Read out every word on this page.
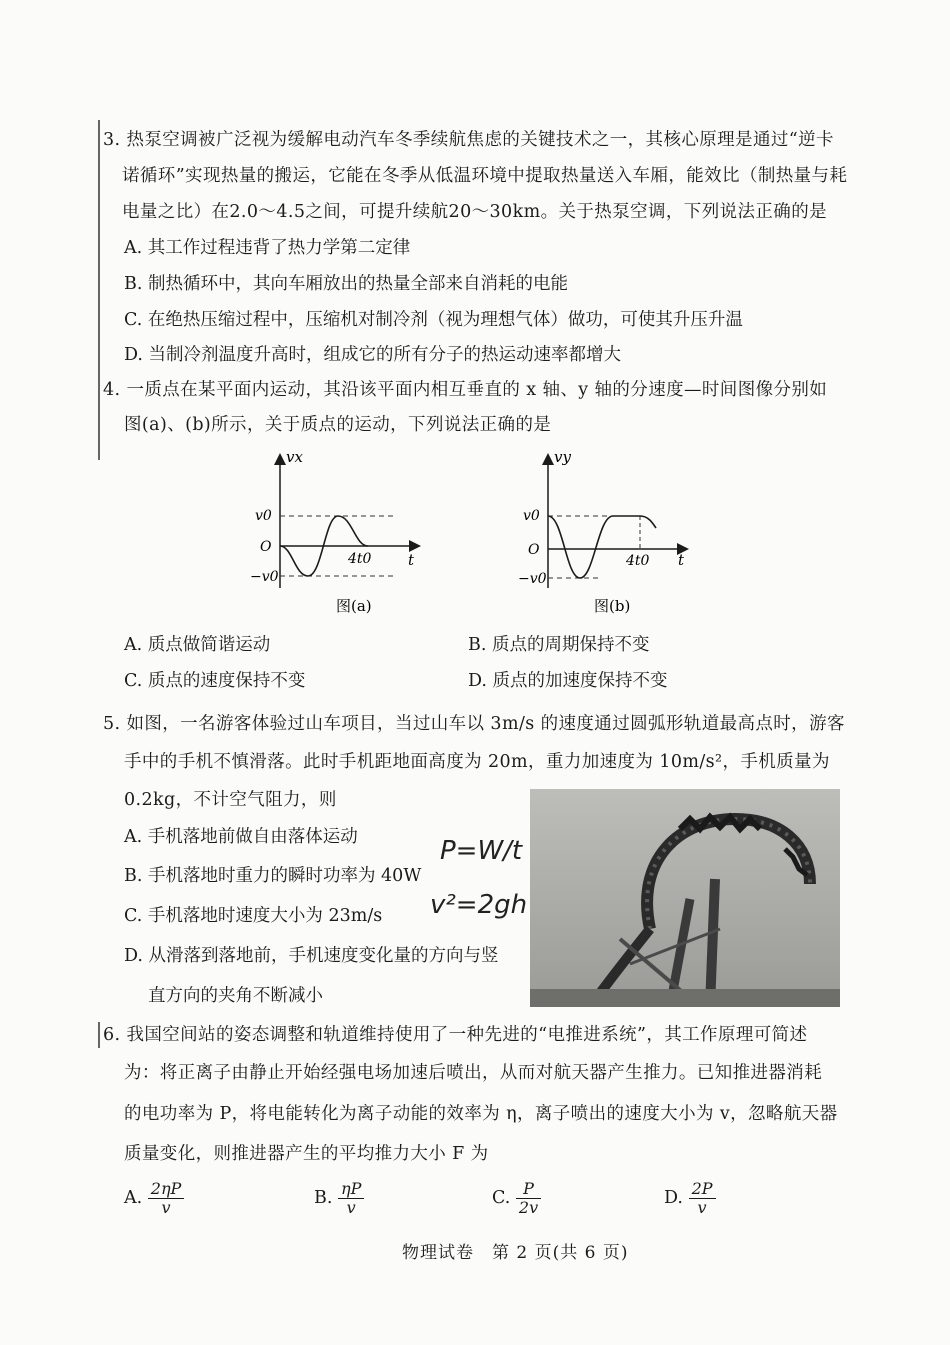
3. 热泵空调被广泛视为缓解电动汽车冬季续航焦虑的关键技术之一，其核心原理是通过“逆卡
诺循环”实现热量的搬运，它能在冬季从低温环境中提取热量送入车厢，能效比（制热量与耗
电量之比）在2.0～4.5之间，可提升续航20～30km。关于热泵空调，下列说法正确的是
A. 其工作过程违背了热力学第二定律
B. 制热循环中，其向车厢放出的热量全部来自消耗的电能
C. 在绝热压缩过程中，压缩机对制冷剂（视为理想气体）做功，可使其升压升温
D. 当制冷剂温度升高时，组成它的所有分子的热运动速率都增大
4. 一质点在某平面内运动，其沿该平面内相互垂直的 x 轴、y 轴的分速度—时间图像分别如
图(a)、(b)所示，关于质点的运动，下列说法正确的是
vx
v0
O
−v0
4t0 t
图(a)
vy
v0
O
−v0
4t0 t
图(b)
A. 质点做简谐运动	B. 质点的周期保持不变
C. 质点的速度保持不变	D. 质点的加速度保持不变
5. 如图，一名游客体验过山车项目，当过山车以 3m/s 的速度通过圆弧形轨道最高点时，游客
手中的手机不慎滑落。此时手机距地面高度为 20m，重力加速度为 10m/s²，手机质量为
0.2kg，不计空气阻力，则
A. 手机落地前做自由落体运动
B. 手机落地时重力的瞬时功率为 40W
C. 手机落地时速度大小为 23m/s
D. 从滑落到落地前，手机速度变化量的方向与竖
直方向的夹角不断减小
P=W/t
v²=2gh
6. 我国空间站的姿态调整和轨道维持使用了一种先进的“电推进系统”，其工作原理可简述
为：将正离子由静止开始经强电场加速后喷出，从而对航天器产生推力。已知推进器消耗
的电功率为 P，将电能转化为离子动能的效率为 η，离子喷出的速度大小为 v，忽略航天器
质量变化，则推进器产生的平均推力大小 F 为
A. $\frac{2\eta P}{v}$	B. $\frac{\eta P}{v}$	C. $\frac{P}{2v}$	D. $\frac{2P}{v}$
物理试卷　第 2 页(共 6 页)
